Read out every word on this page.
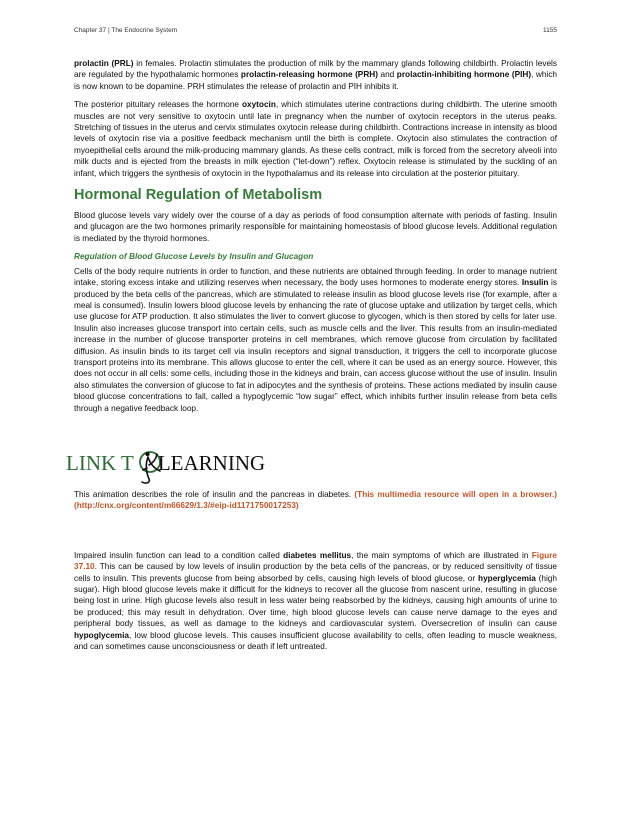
Chapter 37 | The Endocrine System	1155

prolactin (PRL) in females. Prolactin stimulates the production of milk by the mammary glands following childbirth. Prolactin levels are regulated by the hypothalamic hormones prolactin-releasing hormone (PRH) and prolactin-inhibiting hormone (PIH), which is now known to be dopamine. PRH stimulates the release of prolactin and PIH inhibits it.

The posterior pituitary releases the hormone oxytocin, which stimulates uterine contractions during childbirth. The uterine smooth muscles are not very sensitive to oxytocin until late in pregnancy when the number of oxytocin receptors in the uterus peaks. Stretching of tissues in the uterus and cervix stimulates oxytocin release during childbirth. Contractions increase in intensity as blood levels of oxytocin rise via a positive feedback mechanism until the birth is complete. Oxytocin also stimulates the contraction of myoepithelial cells around the milk-producing mammary glands. As these cells contract, milk is forced from the secretory alveoli into milk ducts and is ejected from the breasts in milk ejection (“let-down”) reflex. Oxytocin release is stimulated by the suckling of an infant, which triggers the synthesis of oxytocin in the hypothalamus and its release into circulation at the posterior pituitary.

Hormonal Regulation of Metabolism

Blood glucose levels vary widely over the course of a day as periods of food consumption alternate with periods of fasting. Insulin and glucagon are the two hormones primarily responsible for maintaining homeostasis of blood glucose levels. Additional regulation is mediated by the thyroid hormones.

Regulation of Blood Glucose Levels by Insulin and Glucagon

Cells of the body require nutrients in order to function, and these nutrients are obtained through feeding. In order to manage nutrient intake, storing excess intake and utilizing reserves when necessary, the body uses hormones to moderate energy stores. Insulin is produced by the beta cells of the pancreas, which are stimulated to release insulin as blood glucose levels rise (for example, after a meal is consumed). Insulin lowers blood glucose levels by enhancing the rate of glucose uptake and utilization by target cells, which use glucose for ATP production. It also stimulates the liver to convert glucose to glycogen, which is then stored by cells for later use. Insulin also increases glucose transport into certain cells, such as muscle cells and the liver. This results from an insulin-mediated increase in the number of glucose transporter proteins in cell membranes, which remove glucose from circulation by facilitated diffusion. As insulin binds to its target cell via insulin receptors and signal transduction, it triggers the cell to incorporate glucose transport proteins into its membrane. This allows glucose to enter the cell, where it can be used as an energy source. However, this does not occur in all cells: some cells, including those in the kidneys and brain, can access glucose without the use of insulin. Insulin also stimulates the conversion of glucose to fat in adipocytes and the synthesis of proteins. These actions mediated by insulin cause blood glucose concentrations to fall, called a hypoglycemic “low sugar” effect, which inhibits further insulin release from beta cells through a negative feedback loop.

LINK T LEARNING

This animation describes the role of insulin and the pancreas in diabetes. (This multimedia resource will open in a browser.) (http://cnx.org/content/m66629/1.3/#eip-id1171750017253)

Impaired insulin function can lead to a condition called diabetes mellitus, the main symptoms of which are illustrated in Figure 37.10. This can be caused by low levels of insulin production by the beta cells of the pancreas, or by reduced sensitivity of tissue cells to insulin. This prevents glucose from being absorbed by cells, causing high levels of blood glucose, or hyperglycemia (high sugar). High blood glucose levels make it difficult for the kidneys to recover all the glucose from nascent urine, resulting in glucose being lost in urine. High glucose levels also result in less water being reabsorbed by the kidneys, causing high amounts of urine to be produced; this may result in dehydration. Over time, high blood glucose levels can cause nerve damage to the eyes and peripheral body tissues, as well as damage to the kidneys and cardiovascular system. Oversecretion of insulin can cause hypoglycemia, low blood glucose levels. This causes insufficient glucose availability to cells, often leading to muscle weakness, and can sometimes cause unconsciousness or death if left untreated.
